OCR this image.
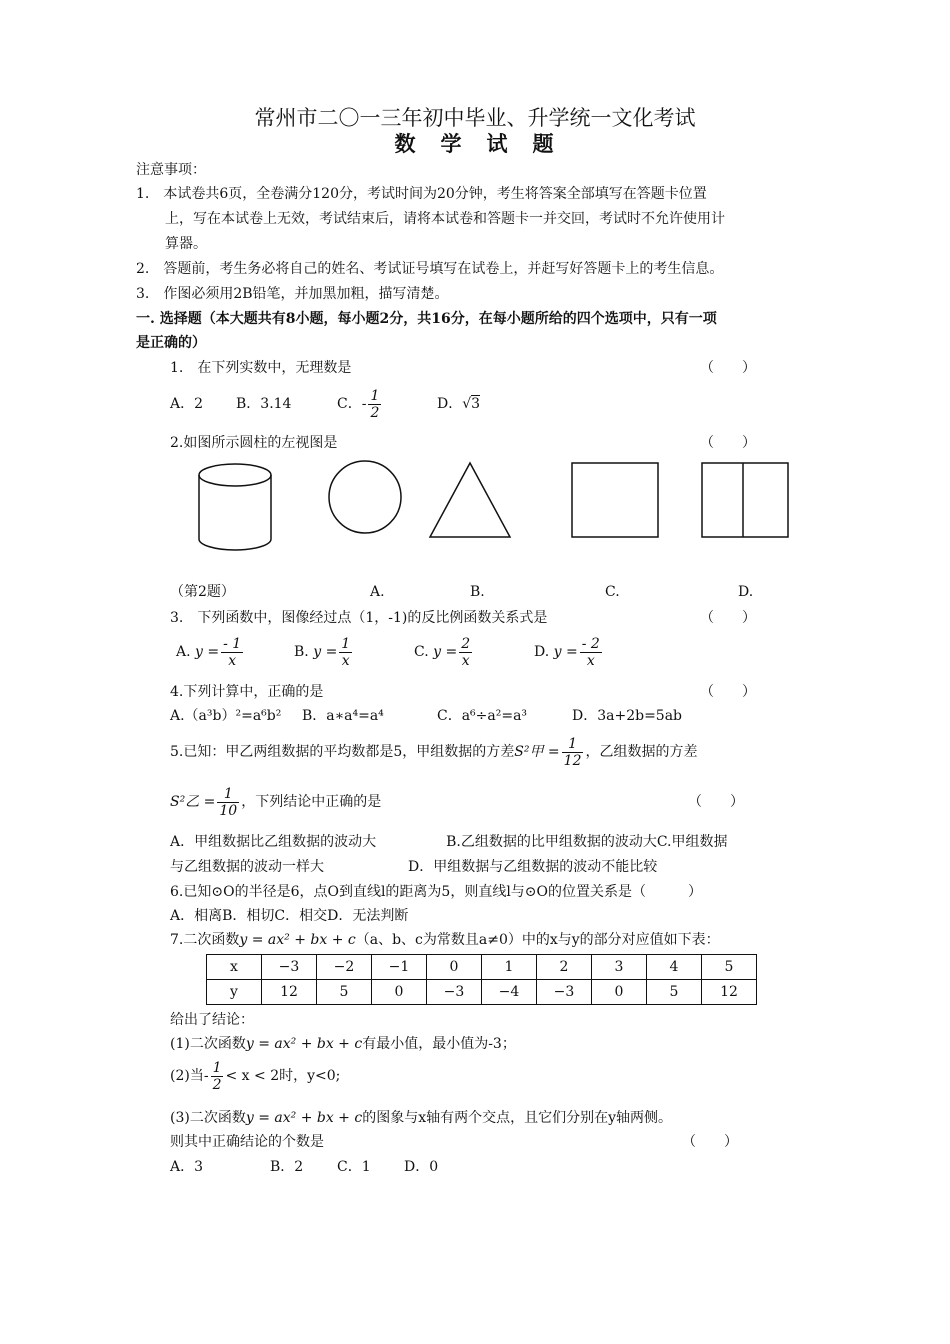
常州市二〇一三年初中毕业、升学统一文化考试
数　学　试　题
注意事项：
1.　本试卷共6页，全卷满分120分，考试时间为20分钟，考生将答案全部填写在答题卡位置
上，写在本试卷上无效，考试结束后，请将本试卷和答题卡一并交回，考试时不允许使用计
算器。
2.　答题前，考生务必将自己的姓名、考试证号填写在试卷上，并赶写好答题卡上的考生信息。
3.　作图必须用2B铅笔，并加黑加粗，描写清楚。
一. 选择题（本大题共有8小题，每小题2分，共16分，在每小题所给的四个选项中，只有一项
是正确的）
1.　在下列实数中，无理数是	（　　）
A．2 B．3.14	C．- $\frac{1}{2}$	D．√3
2.如图所示圆柱的左视图是	（　　）
（第2题）	A.	B.	C.	D.
3.　下列函数中，图像经过点（1，-1)的反比例函数关系式是	（　　）
A. $y = \frac{- 1}{x}$	B. $y = \frac{1}{x}$	C. $y = \frac{2}{x}$	D. $y = \frac{- 2}{x}$
4.下列计算中，正确的是	（　　）
A.（a³b）²=a⁶b² B．a∗a⁴=a⁴	C．a⁶÷a²=a³	D．3a+2b=5ab
5.已知：甲乙两组数据的平均数都是5，甲组数据的方差S²甲 = $\frac{1}{12}$ ，乙组数据的方差
S²乙 = $\frac{1}{10}$ ，下列结论中正确的是	（　　）
A．甲组数据比乙组数据的波动大　　　　　B.乙组数据的比甲组数据的波动大C.甲组数据
与乙组数据的波动一样大　　　　　　D．甲组数据与乙组数据的波动不能比较
6.已知⊙O的半径是6，点O到直线l的距离为5，则直线l与⊙O的位置关系是（　　　）
A．相离B．相切C．相交D．无法判断
7.二次函数y = ax² + bx + c（a、b、c为常数且a≠0）中的x与y的部分对应值如下表：
x	−3	−2	−1	0	1	2	3	4	5
y	12	5	0	−3	−4	−3	0	5	12
给出了结论：
(1)二次函数y = ax² + bx + c有最小值，最小值为-3；
(2)当- $\frac{1}{2} < x < 2$时，y<0;
(3)二次函数y = ax² + bx + c的图象与x轴有两个交点，且它们分别在y轴两侧。
则其中正确结论的个数是	（　　）
A．3	B．2 C．1 D．0
